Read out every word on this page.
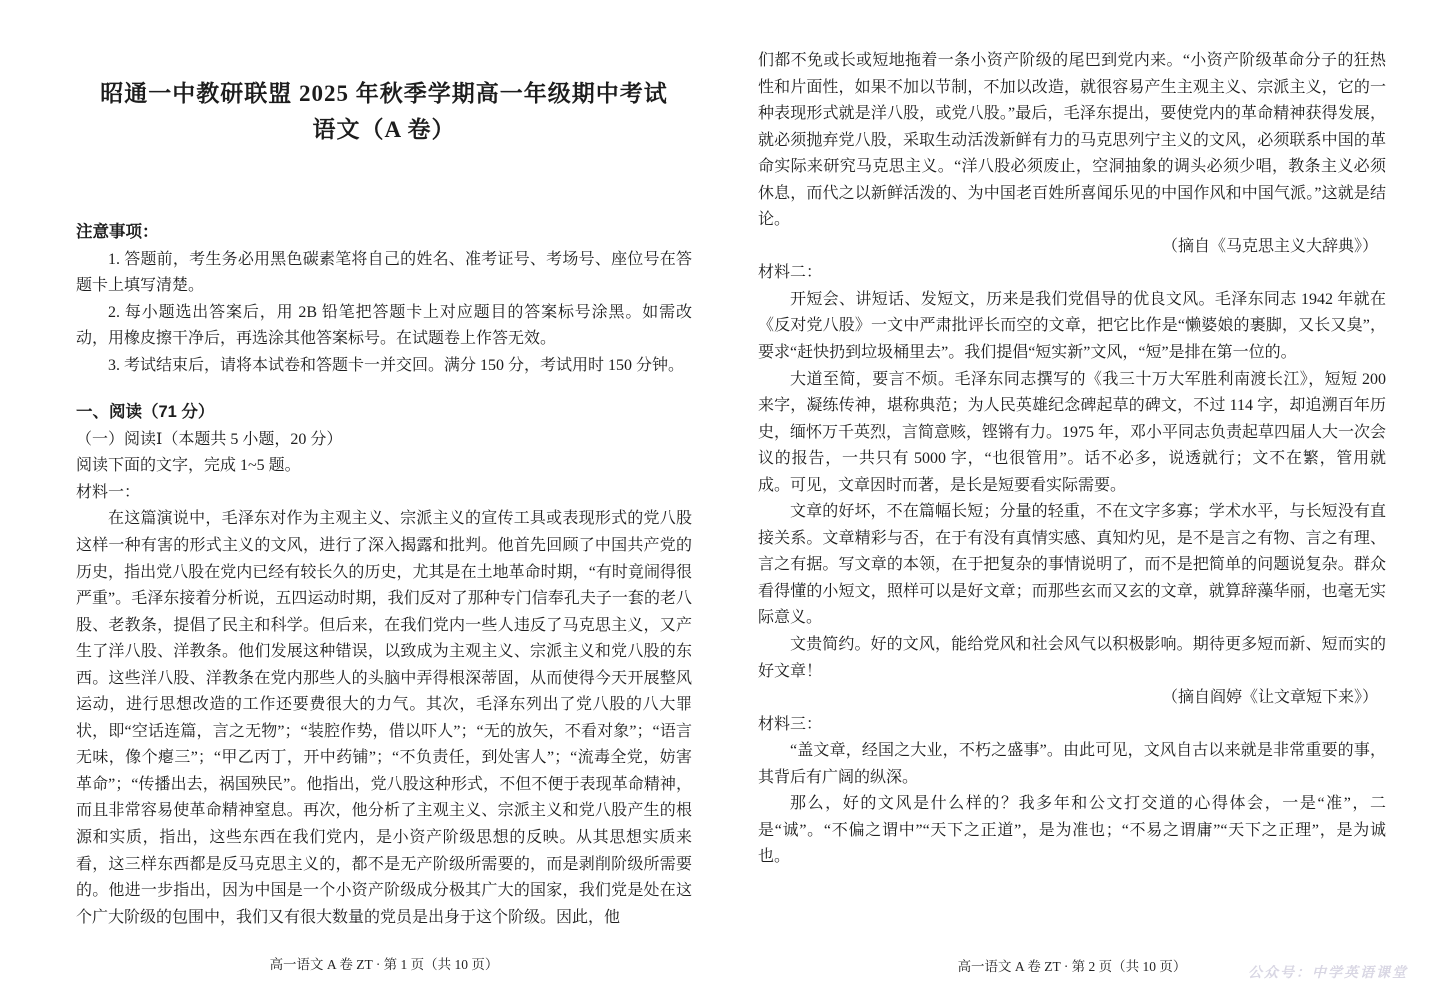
昭通一中教研联盟 2025 年秋季学期高一年级期中考试
语文（A 卷）
注意事项：

1. 答题前，考生务必用黑色碳素笔将自己的姓名、准考证号、考场号、座位号在答题卡上填写清楚。

2. 每小题选出答案后，用 2B 铅笔把答题卡上对应题目的答案标号涂黑。如需改动，用橡皮擦干净后，再选涂其他答案标号。在试题卷上作答无效。

3. 考试结束后，请将本试卷和答题卡一并交回。满分 150 分，考试用时 150 分钟。

一、阅读（71 分）
（一）阅读Ⅰ（本题共 5 小题，20 分）
阅读下面的文字，完成 1~5 题。
材料一：

在这篇演说中，毛泽东对作为主观主义、宗派主义的宣传工具或表现形式的党八股这样一种有害的形式主义的文风，进行了深入揭露和批判。他首先回顾了中国共产党的历史，指出党八股在党内已经有较长久的历史，尤其是在土地革命时期，“有时竟闹得很严重”。毛泽东接着分析说，五四运动时期，我们反对了那种专门信奉孔夫子一套的老八股、老教条，提倡了民主和科学。但后来，在我们党内一些人违反了马克思主义，又产生了洋八股、洋教条。他们发展这种错误，以致成为主观主义、宗派主义和党八股的东西。这些洋八股、洋教条在党内那些人的头脑中弄得根深蒂固，从而使得今天开展整风运动，进行思想改造的工作还要费很大的力气。其次，毛泽东列出了党八股的八大罪状，即“空话连篇，言之无物”；“装腔作势，借以吓人”；“无的放矢，不看对象”；“语言无味，像个瘪三”；“甲乙丙丁，开中药铺”；“不负责任，到处害人”；“流毒全党，妨害革命”；“传播出去，祸国殃民”。他指出，党八股这种形式，不但不便于表现革命精神，而且非常容易使革命精神窒息。再次，他分析了主观主义、宗派主义和党八股产生的根源和实质，指出，这些东西在我们党内，是小资产阶级思想的反映。从其思想实质来看，这三样东西都是反马克思主义的，都不是无产阶级所需要的，而是剥削阶级所需要的。他进一步指出，因为中国是一个小资产阶级成分极其广大的国家，我们党是处在这个广大阶级的包围中，我们又有很大数量的党员是出身于这个阶级。因此，他

高一语文 A 卷 ZT · 第 1 页（共 10 页）

们都不免或长或短地拖着一条小资产阶级的尾巴到党内来。“小资产阶级革命分子的狂热性和片面性，如果不加以节制，不加以改造，就很容易产生主观主义、宗派主义，它的一种表现形式就是洋八股，或党八股。”最后，毛泽东提出，要使党内的革命精神获得发展，就必须抛弃党八股，采取生动活泼新鲜有力的马克思列宁主义的文风，必须联系中国的革命实际来研究马克思主义。“洋八股必须废止，空洞抽象的调头必须少唱，教条主义必须休息，而代之以新鲜活泼的、为中国老百姓所喜闻乐见的中国作风和中国气派。”这就是结论。

（摘自《马克思主义大辞典》）

材料二：

开短会、讲短话、发短文，历来是我们党倡导的优良文风。毛泽东同志 1942 年就在《反对党八股》一文中严肃批评长而空的文章，把它比作是“懒婆娘的裹脚，又长又臭”，要求“赶快扔到垃圾桶里去”。我们提倡“短实新”文风，“短”是排在第一位的。

大道至简，要言不烦。毛泽东同志撰写的《我三十万大军胜利南渡长江》，短短 200 来字，凝练传神，堪称典范；为人民英雄纪念碑起草的碑文，不过 114 字，却追溯百年历史，缅怀万千英烈，言简意赅，铿锵有力。1975 年，邓小平同志负责起草四届人大一次会议的报告，一共只有 5000 字，“也很管用”。话不必多，说透就行；文不在繁，管用就成。可见，文章因时而著，是长是短要看实际需要。

文章的好坏，不在篇幅长短；分量的轻重，不在文字多寡；学术水平，与长短没有直接关系。文章精彩与否，在于有没有真情实感、真知灼见，是不是言之有物、言之有理、言之有据。写文章的本领，在于把复杂的事情说明了，而不是把简单的问题说复杂。群众看得懂的小短文，照样可以是好文章；而那些玄而又玄的文章，就算辞藻华丽，也毫无实际意义。

文贵简约。好的文风，能给党风和社会风气以积极影响。期待更多短而新、短而实的好文章！

（摘自阎婷《让文章短下来》）

材料三：

“盖文章，经国之大业，不朽之盛事”。由此可见，文风自古以来就是非常重要的事，其背后有广阔的纵深。

那么，好的文风是什么样的？我多年和公文打交道的心得体会，一是“准”，二是“诚”。“不偏之谓中”“天下之正道”，是为准也；“不易之谓庸”“天下之正理”，是为诚也。

高一语文 A 卷 ZT · 第 2 页（共 10 页）	公众号：中学英语课堂
